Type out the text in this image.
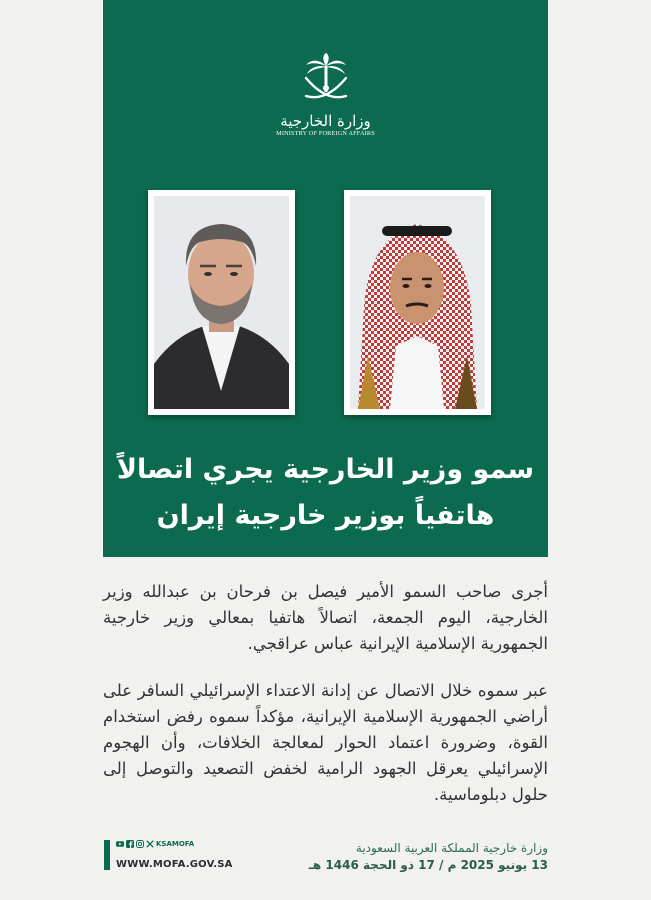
وزارة الخارجية
MINISTRY OF FOREIGN AFFAIRS
سمو وزير الخارجية يجري اتصالاً
هاتفياً بوزير خارجية إيران
أجرى صاحب السمو الأمير فيصل بن فرحان بن عبدالله وزير الخارجية، اليوم الجمعة، اتصالاً هاتفيا بمعالي وزير خارجية الجمهورية الإسلامية الإيرانية عباس عراقجي.
عبر سموه خلال الاتصال عن إدانة الاعتداء الإسرائيلي السافر على أراضي الجمهورية الإسلامية الإيرانية، مؤكداً سموه رفض استخدام القوة، وضرورة اعتماد الحوار لمعالجة الخلافات، وأن الهجوم الإسرائيلي يعرقل الجهود الرامية لخفض التصعيد والتوصل إلى حلول دبلوماسية.
وزارة خارجية المملكة العربية السعودية
13 يونيو 2025 م / 17 ذو الحجة 1446 هـ
KSAMOFA
WWW.MOFA.GOV.SA
